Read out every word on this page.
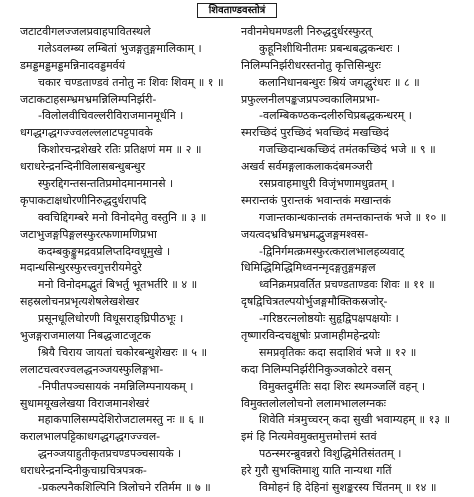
शिवताण्डवस्तोत्रं
जटाटवीगलज्जलप्रवाहपावितस्थले
गलेऽवलम्ब्य लम्बितां भुजङ्गतुङ्गमालिकाम् ।
डमड्डमड्डमड्डमन्निनादवड्डमर्वयं
चकार चण्डताण्डवं तनोतु नः शिवः शिवम् ॥ १ ॥
जटाकटाहसम्भ्रमभ्रमन्निलिम्पनिर्झरी-
-विलोलवीचिवल्लरीविराजमानमूर्धनि ।
धगद्धगद्धगज्ज्वलल्ललाटपट्टपावके
किशोरचन्द्रशेखरे रतिः प्रतिक्षणं मम ॥ २ ॥
धराधरेन्द्रनन्दिनीविलासबन्धुबन्धुर
स्फुरद्दिगन्तसन्ततिप्रमोदमानमानसे ।
कृपाकटाक्षधोरणीनिरुद्धदुर्धरापदि
क्वचिद्दिगम्बरे मनो विनोदमेतु वस्तुनि ॥ ३ ॥
जटाभुजङ्गपिङ्गलस्फुरत्फणामणिप्रभा
कदम्बकुङ्कुमद्रवप्रलिप्तदिग्वधूमुखे ।
मदान्धसिन्धुरस्फुरत्त्वगुत्तरीयमेदुरे
मनो विनोदमद्भुतं बिभर्तु भूतभर्तरि ॥ ४ ॥
सहस्रलोचनप्रभृत्यशेषलेखशेखर
प्रसूनधूलिधोरणी विधूसराङ्घ्रिपीठभूः ।
भुजङ्गराजमालया निबद्धजाटजूटक
श्रियै चिराय जायतां चकोरबन्धुशेखरः ॥ ५ ॥
ललाटचत्वरज्वलद्धनञ्जयस्फुलिङ्गभा-
-निपीतपञ्चसायकं नमन्निलिम्पनायकम् ।
सुधामयूखलेखया विराजमानशेखरं
महाकपालिसम्पदेशिरोजटालमस्तु नः ॥ ६ ॥
करालभालपट्टिकाधगद्धगद्धगज्ज्वल-
द्धनञ्जयाहुतीकृतप्रचण्डपञ्चसायके ।
धराधरेन्द्रनन्दिनीकुचाग्रचित्रपत्रक-
-प्रकल्पनैकशिल्पिनि त्रिलोचने रतिर्मम ॥ ७ ॥
नवीनमेघमण्डली निरुद्धदुर्धरस्फुरत्
कुहूनिशीथिनीतमः प्रबन्धबद्धकन्धरः ।
निलिम्पनिर्झरीधरस्तनोतु कृत्तिसिन्धुरः
कलानिधानबन्धुरः श्रियं जगद्धुरंधरः ॥ ८ ॥
प्रफुल्लनीलपङ्कजप्रपञ्चकालिमप्रभा-
-वलम्बिकण्ठकन्दलीरुचिप्रबद्धकन्धरम् ।
स्मरच्छिदं पुरच्छिदं भवच्छिदं मखच्छिदं
गजच्छिदान्धकच्छिदं तमंतकच्छिदं भजे ॥ ९ ॥
अखर्व सर्वमङ्गलाकलाकदंबमञ्जरी
रसप्रवाहमाधुरी विजृंभणामधुव्रतम् ।
स्मरान्तकं पुरान्तकं भवान्तकं मखान्तकं
गजान्तकान्धकान्तकं तमन्तकान्तकं भजे ॥ १० ॥
जयत्वदभ्रविभ्रमभ्रमद्भुजङ्गमश्वस-
-द्विनिर्गमत्क्रमस्फुरत्करालभालहव्यवाट्
धिमिद्धिमिद्धिमिध्वनन्मृदङ्गतुङ्गमङ्गल
ध्वनिक्रमप्रवर्तित प्रचण्डताण्डवः शिवः ॥ ११ ॥
दृषद्विचित्रतल्पयोर्भुजङ्गमौक्तिकस्रजोर्-
-गरिष्ठरत्नलोष्ठयोः सुहृद्विपक्षपक्षयोः ।
तृष्णारविन्दचक्षुषोः प्रजामहीमहेन्द्रयोः
समप्रवृतिकः कदा सदाशिवं भजे ॥ १२ ॥
कदा निलिम्पनिर्झरीनिकुञ्जकोटरे वसन्
विमुक्तदुर्मतिः सदा शिरः स्थमञ्जलिं वहन् ।
विमुक्तलोललोचनो ललामभाललग्नकः
शिवेति मंत्रमुच्चरन् कदा सुखी भवाम्यहम् ॥ १३ ॥
इमं हि नित्यमेवमुक्तमुत्तमोत्तमं स्तवं
पठन्स्मरन्ब्रुवन्नरो विशुद्धिमेतिसंततम् ।
हरे गुरौ सुभक्तिमाशु याति नान्यथा गतिं
विमोहनं हि देहिनां सुशङ्करस्य चिंतनम् ॥ १४ ॥
